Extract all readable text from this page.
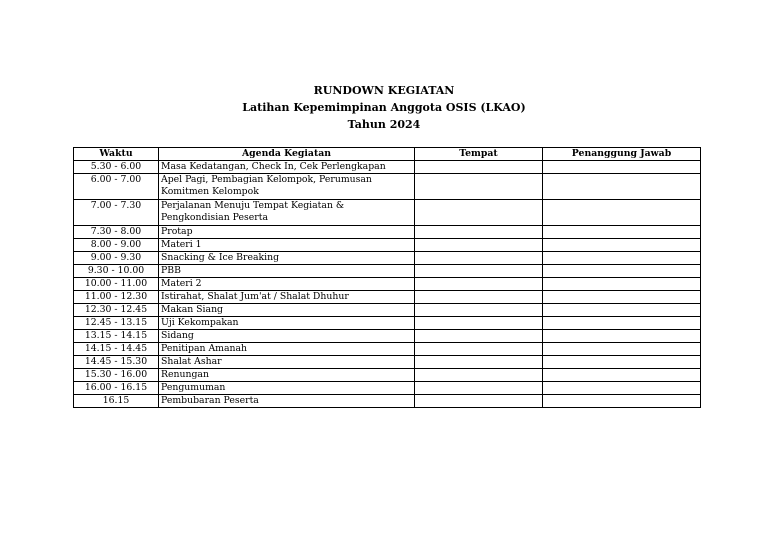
RUNDOWN KEGIATAN
Latihan Kepemimpinan Anggota OSIS (LKAO)
Tahun 2024
Waktu	Agenda Kegiatan	Tempat	Penanggung Jawab
5.30 - 6.00	Masa Kedatangan, Check In, Cek Perlengkapan		
6.00 - 7.00	Apel Pagi, Pembagian Kelompok, Perumusan Komitmen Kelompok		
7.00 - 7.30	Perjalanan Menuju Tempat Kegiatan & Pengkondisian Peserta		
7.30 - 8.00	Protap		
8.00 - 9.00	Materi 1		
9.00 - 9.30	Snacking & Ice Breaking		
9.30 - 10.00	PBB		
10.00 - 11.00	Materi 2		
11.00 - 12.30	Istirahat, Shalat Jum'at / Shalat Dhuhur		
12.30 - 12.45	Makan Siang		
12.45 - 13.15	Uji Kekompakan		
13.15 - 14.15	Sidang		
14.15 - 14.45	Penitipan Amanah		
14.45 - 15.30	Shalat Ashar		
15.30 - 16.00	Renungan		
16.00 - 16.15	Pengumuman		
16.15	Pembubaran Peserta		
